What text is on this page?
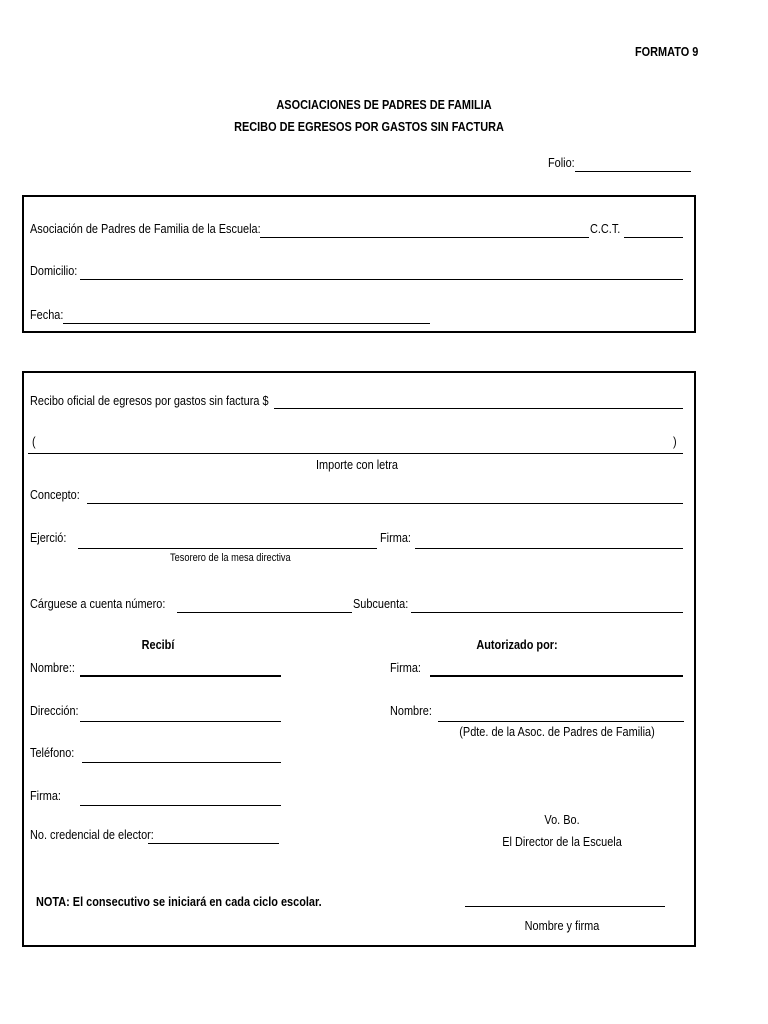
FORMATO 9
ASOCIACIONES DE PADRES DE FAMILIA
RECIBO DE EGRESOS POR GASTOS SIN FACTURA
Folio:
Asociación de Padres de Familia de la Escuela:	C.C.T.
Domicilio:
Fecha:
Recibo oficial de egresos por gastos sin factura $
(	)
Importe con letra
Concepto:
Ejerció:
Tesorero de la mesa directiva
Firma:
Cárguese a cuenta número:	Subcuenta:
Recibí
Nombre::
Dirección:
Teléfono:
Firma:
No. credencial de elector:
Autorizado por:
Firma:
Nombre:
(Pdte. de la Asoc. de Padres de Familia)
Vo. Bo.
El Director de la Escuela
Nombre y firma
NOTA: El consecutivo se iniciará en cada ciclo escolar.
